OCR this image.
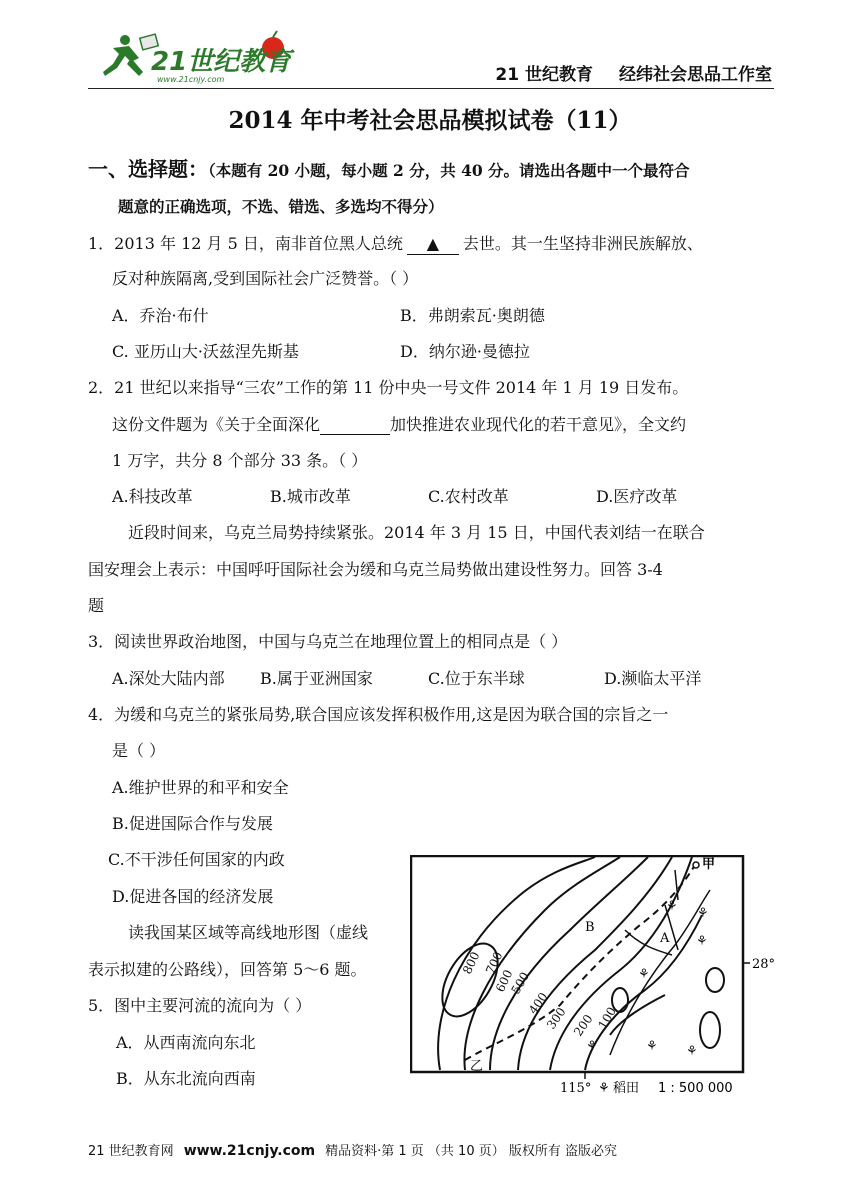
21世纪教育
www.21cnjy.com	21 世纪教育 经纬社会思品工作室
2014 年中考社会思品模拟试卷（11）
一、选择题：（本题有 20 小题，每小题 2 分，共 40 分。请选出各题中一个最符合
题意的正确选项，不选、错选、多选均不得分）
1．2013 年 12 月 5 日，南非首位黑人总统 ▲ 去世。其一生坚持非洲民族解放、
反对种族隔离,受到国际社会广泛赞誉。（ ）
A．乔治·布什	B．弗朗索瓦·奥朗德
C. 亚历山大·沃兹涅先斯基	D．纳尔逊·曼德拉
2．21 世纪以来指导“三农”工作的第 11 份中央一号文件 2014 年 1 月 19 日发布。
这份文件题为《关于全面深化	加快推进农业现代化的若干意见》，全文约
1 万字，共分 8 个部分 33 条。（ ）
A.科技改革	B.城市改革	C.农村改革	D.医疗改革
近段时间来，乌克兰局势持续紧张。2014 年 3 月 15 日，中国代表刘结一在联合
国安理会上表示：中国呼吁国际社会为缓和乌克兰局势做出建设性努力。回答 3-4
题
3．阅读世界政治地图，中国与乌克兰在地理位置上的相同点是（ ）
A.深处大陆内部 B.属于亚洲国家	C.位于东半球	D.濒临太平洋
4．为缓和乌克兰的紧张局势,联合国应该发挥积极作用,这是因为联合国的宗旨之一
是（ ）
A.维护世界的和平和安全
B.促进国际合作与发展
C.不干涉任何国家的内政
D.促进各国的经济发展
读我国某区域等高线地形图（虚线
表示拟建的公路线），回答第 5～6 题。
5．图中主要河流的流向为（ ）
A．从西南流向东北
B．从东北流向西南
⚘ ⚘
⚘
⚘
⚘	⚘ ⚘
800 700
600
500
400
300 200 100
甲
A
B
乙
28°
115° ⚘ 稻田 1 : 500 000
21 世纪教育网 www.21cnjy.com 精品资料·第 1 页 （共 10 页） 版权所有 盗版必究
